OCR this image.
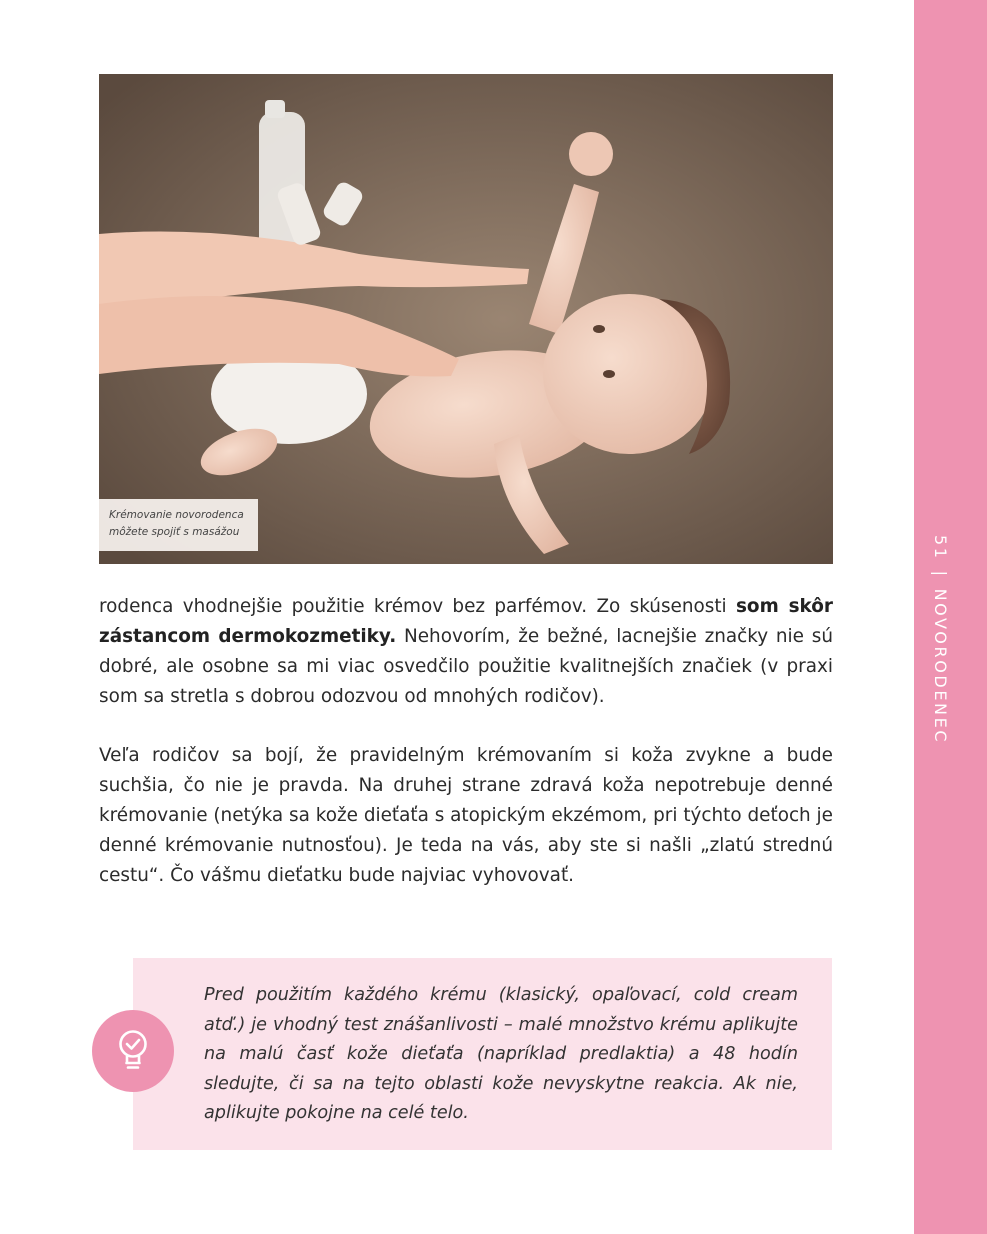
51|NOVORODENEC
Krémovanie novorodenca
môžete spojiť s masážou

rodenca vhodnejšie použitie krémov bez parfémov. Zo skúsenosti som skôr zástancom dermokozmetiky. Nehovorím, že bežné, lacnejšie značky nie sú dobré, ale osobne sa mi viac osvedčilo použitie kvalitnejších značiek (v praxi som sa stretla s dobrou odozvou od mnohých rodičov).

Veľa rodičov sa bojí, že pravidelným krémovaním si koža zvykne a bude suchšia, čo nie je pravda. Na druhej strane zdravá koža nepotrebuje denné krémovanie (netýka sa kože dieťaťa s atopickým ekzémom, pri týchto deťoch je denné krémovanie nutnosťou). Je teda na vás, aby ste si našli „zlatú strednú cestu“. Čo vášmu dieťatku bude najviac vyhovovať.

Pred použitím každého krému (klasický, opaľovací, cold cream atď.) je vhodný test znášanlivosti – malé množstvo krému aplikujte na malú časť kože dieťaťa (napríklad predlaktia) a 48 hodín sledujte, či sa na tejto oblasti kože nevyskytne reakcia. Ak nie, aplikujte pokojne na celé telo.
